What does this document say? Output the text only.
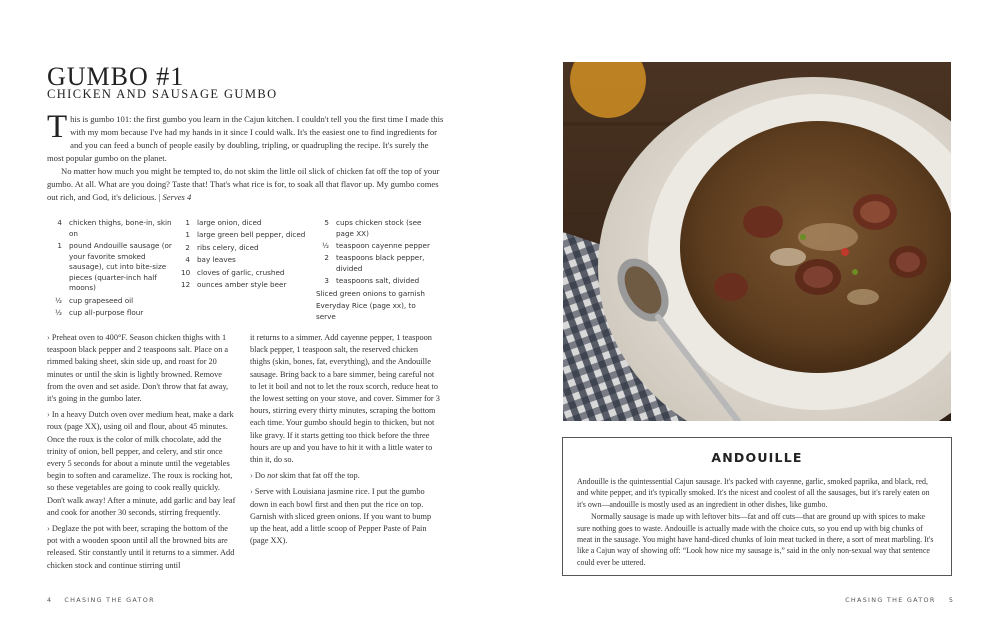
GUMBO #1
CHICKEN AND SAUSAGE GUMBO

This is gumbo 101: the first gumbo you learn in the Cajun kitchen. I couldn't tell you the first time I made this with my mom because I've had my hands in it since I could walk. It's the easiest one to find ingredients for and you can feed a bunch of people easily by doubling, tripling, or quadrupling the recipe. It's surely the most popular gumbo on the planet.

No matter how much you might be tempted to, do not skim the little oil slick of chicken fat off the top of your gumbo. At all. What are you doing? Taste that! That's what rice is for, to soak all that flavor up. My gumbo comes out rich, and God, it's delicious. | Serves 4

4 chicken thighs, bone-in, skin on
1 pound Andouille sausage (or your favorite smoked sausage), cut into bite-size pieces (quarter-inch half moons)
½ cup grapeseed oil
½ cup all-purpose flour
1 large onion, diced
1 large green bell pepper, diced
2 ribs celery, diced
4 bay leaves
10 cloves of garlic, crushed
12 ounces amber style beer
5 cups chicken stock (see page XX)
½ teaspoon cayenne pepper
2 teaspoons black pepper, divided
3 teaspoons salt, divided
Sliced green onions to garnish
Everyday Rice (page xx), to serve

› Preheat oven to 400°F. Season chicken thighs with 1 teaspoon black pepper and 2 teaspoons salt. Place on a rimmed baking sheet, skin side up, and roast for 20 minutes or until the skin is lightly browned. Remove from the oven and set aside. Don't throw that fat away, it's going in the gumbo later.

› In a heavy Dutch oven over medium heat, make a dark roux (page XX), using oil and flour, about 45 minutes. Once the roux is the color of milk chocolate, add the trinity of onion, bell pepper, and celery, and stir once every 5 seconds for about a minute until the vegetables begin to soften and caramelize. The roux is rocking hot, so these vegetables are going to cook really quickly. Don't walk away! After a minute, add garlic and bay leaf and cook for another 30 seconds, stirring frequently.

› Deglaze the pot with beer, scraping the bottom of the pot with a wooden spoon until all the browned bits are released. Stir constantly until it returns to a simmer. Add chicken stock and continue stirring until

it returns to a simmer. Add cayenne pepper, 1 teaspoon black pepper, 1 teaspoon salt, the reserved chicken thighs (skin, bones, fat, everything), and the Andouille sausage. Bring back to a bare simmer, being careful not to let it boil and not to let the roux scorch, reduce heat to the lowest setting on your stove, and cover. Simmer for 3 hours, stirring every thirty minutes, scraping the bottom each time. Your gumbo should begin to thicken, but not like gravy. If it starts getting too thick before the three hours are up and you have to hit it with a little water to thin it, do so.

› Do not skim that fat off the top.

› Serve with Louisiana jasmine rice. I put the gumbo down in each bowl first and then put the rice on top. Garnish with sliced green onions. If you want to bump up the heat, add a little scoop of Pepper Paste of Pain (page XX).

4 CHASING THE GATOR
ANDOUILLE

Andouille is the quintessential Cajun sausage. It's packed with cayenne, garlic, smoked paprika, and black, red, and white pepper, and it's typically smoked. It's the nicest and coolest of all the sausages, but it's rarely eaten on it's own—andouille is mostly used as an ingredient in other dishes, like gumbo.

Normally sausage is made up with leftover bits—fat and off cuts—that are ground up with spices to make sure nothing goes to waste. Andouille is actually made with the choice cuts, so you end up with big chunks of meat in the sausage. You might have hand-diced chunks of loin meat tucked in there, a sort of meat marbling. It's like a Cajun way of showing off: “Look how nice my sausage is,” said in the only non-sexual way that sentence could ever be uttered.

CHASING THE GATOR 5
